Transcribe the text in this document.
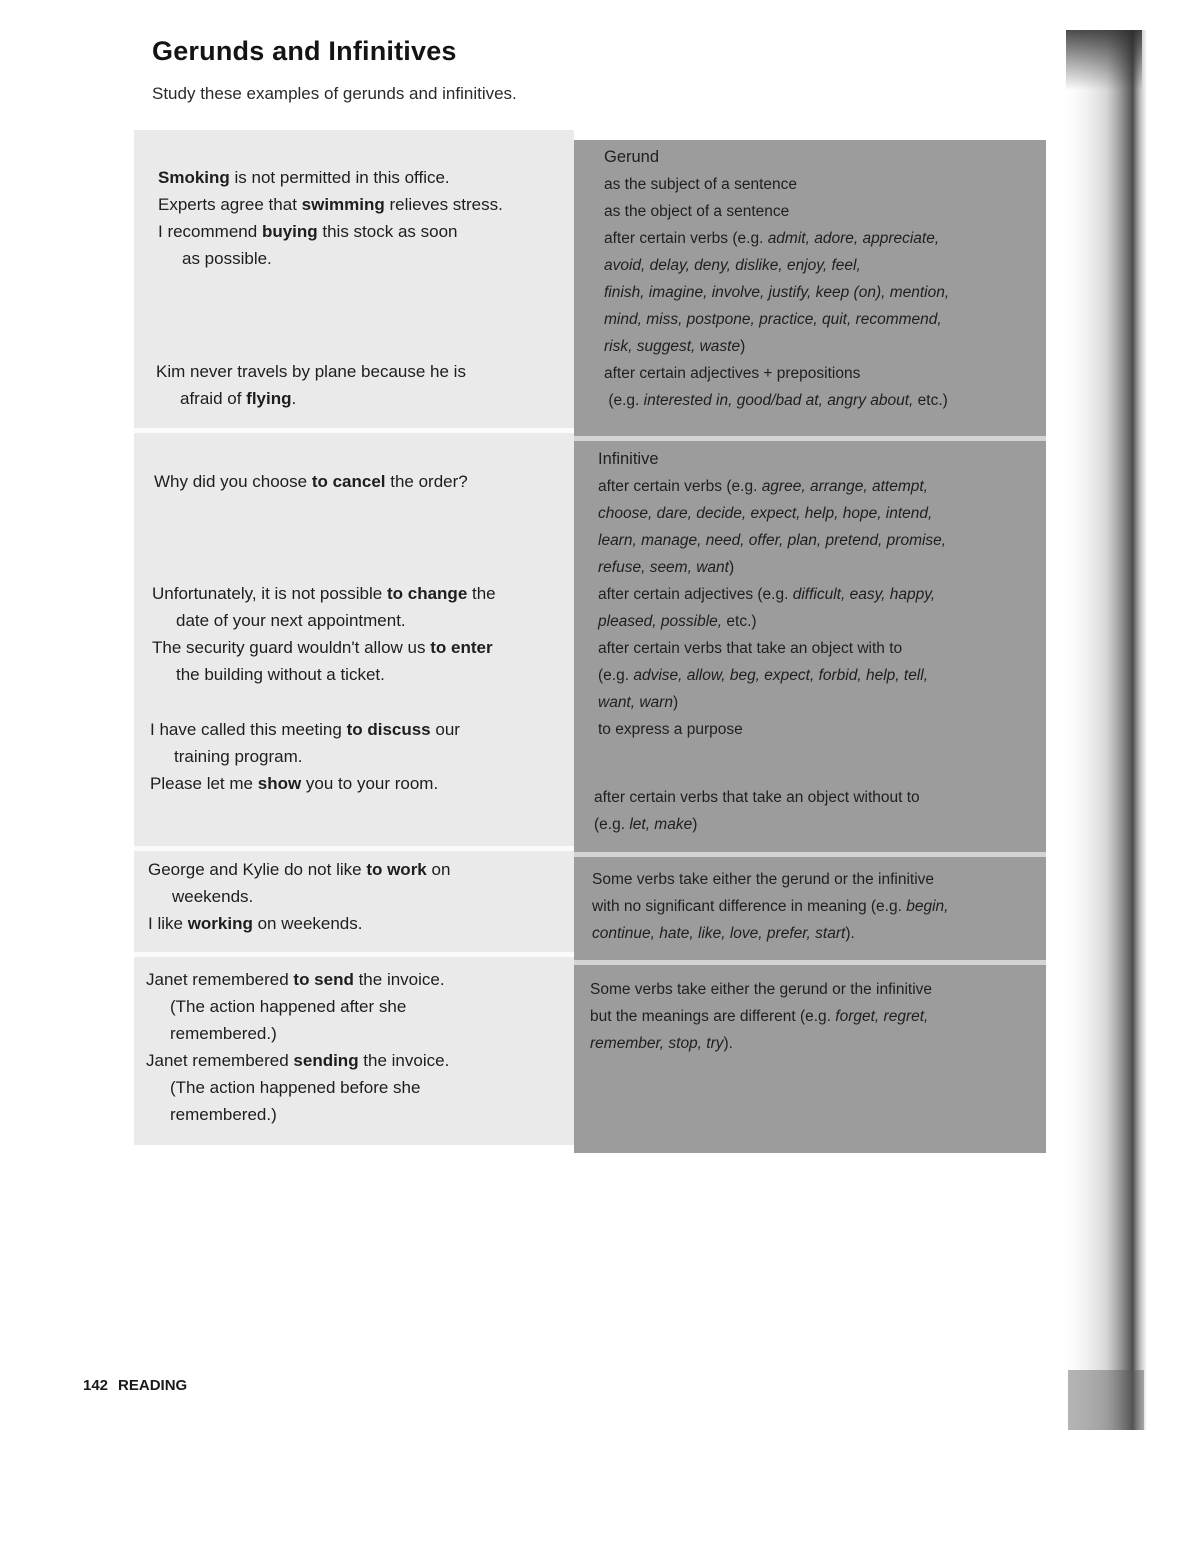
Gerunds and Infinitives
Study these examples of gerunds and infinitives.
Smoking is not permitted in this office.
Experts agree that swimming relieves stress.
I recommend buying this stock as soon
as possible.
Kim never travels by plane because he is
afraid of flying.
Gerund
as the subject of a sentence
as the object of a sentence
after certain verbs (e.g. admit, adore, appreciate,
avoid, delay, deny, dislike, enjoy, feel,
finish, imagine, involve, justify, keep (on), mention,
mind, miss, postpone, practice, quit, recommend,
risk, suggest, waste)
after certain adjectives + prepositions
(e.g. interested in, good/bad at, angry about, etc.)
Why did you choose to cancel the order?
Unfortunately, it is not possible to change the
date of your next appointment.
The security guard wouldn't allow us to enter
the building without a ticket.
I have called this meeting to discuss our
training program.
Please let me show you to your room.
Infinitive
after certain verbs (e.g. agree, arrange, attempt,
choose, dare, decide, expect, help, hope, intend,
learn, manage, need, offer, plan, pretend, promise,
refuse, seem, want)
after certain adjectives (e.g. difficult, easy, happy,
pleased, possible, etc.)
after certain verbs that take an object with to
(e.g. advise, allow, beg, expect, forbid, help, tell,
want, warn)
to express a purpose
after certain verbs that take an object without to
(e.g. let, make)
George and Kylie do not like to work on
weekends.
I like working on weekends.
Some verbs take either the gerund or the infinitive
with no significant difference in meaning (e.g. begin,
continue, hate, like, love, prefer, start).
Janet remembered to send the invoice.
(The action happened after she
remembered.)
Janet remembered sending the invoice.
(The action happened before she
remembered.)
Some verbs take either the gerund or the infinitive
but the meanings are different (e.g. forget, regret,
remember, stop, try).
142 READING
